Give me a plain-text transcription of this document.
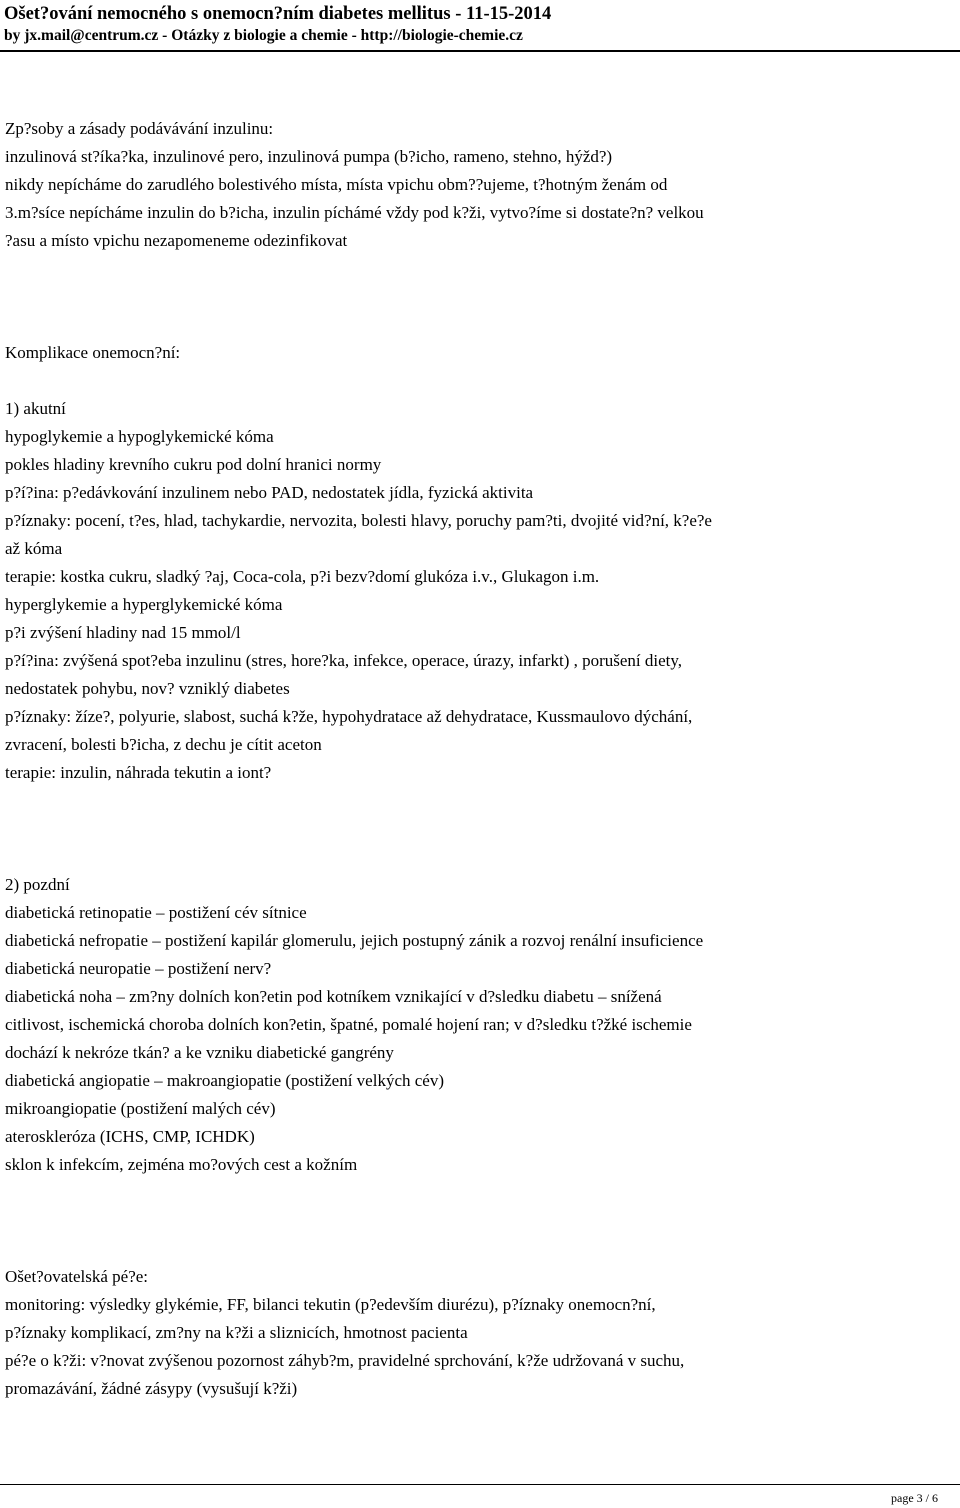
Ošet?ování nemocného s onemocn?ním diabetes mellitus - 11-15-2014
by jx.mail@centrum.cz - Otázky z biologie a chemie - http://biologie-chemie.cz
Zp?soby a zásady podávávání inzulinu:
inzulinová st?íka?ka, inzulinové pero, inzulinová pumpa (b?icho, rameno, stehno, hýžd?)
nikdy nepícháme do zarudlého bolestivého místa, místa vpichu obm??ujeme, t?hotným ženám od
3.m?síce nepícháme inzulin do b?icha, inzulin píchámé vždy pod k?ži, vytvo?íme si dostate?n? velkou
?asu a místo vpichu nezapomeneme odezinfikovat
Komplikace onemocn?ní:
1) akutní
hypoglykemie a hypoglykemické kóma
pokles hladiny krevního cukru pod dolní hranici normy
p?í?ina: p?edávkování inzulinem nebo PAD, nedostatek jídla, fyzická aktivita
p?íznaky: pocení, t?es, hlad, tachykardie, nervozita, bolesti hlavy, poruchy pam?ti, dvojité vid?ní, k?e?e
až kóma
terapie: kostka cukru, sladký ?aj, Coca-cola, p?i bezv?domí glukóza i.v., Glukagon i.m.
hyperglykemie a hyperglykemické kóma
p?i zvýšení hladiny nad 15 mmol/l
p?í?ina: zvýšená spot?eba inzulinu (stres, hore?ka, infekce, operace, úrazy, infarkt) , porušení diety,
nedostatek pohybu, nov? vzniklý diabetes
p?íznaky: žíze?, polyurie, slabost, suchá k?že, hypohydratace až dehydratace, Kussmaulovo dýchání,
zvracení, bolesti b?icha, z dechu je cítit aceton
terapie: inzulin, náhrada tekutin a iont?
2) pozdní
diabetická retinopatie – postižení cév sítnice
diabetická nefropatie – postižení kapilár glomerulu, jejich postupný zánik a rozvoj renální insuficience
diabetická neuropatie – postižení nerv?
diabetická noha – zm?ny dolních kon?etin pod kotníkem vznikající v d?sledku diabetu – snížená
citlivost, ischemická choroba dolních kon?etin, špatné, pomalé hojení ran; v d?sledku t?žké ischemie
dochází k nekróze tkán? a ke vzniku diabetické gangrény
diabetická angiopatie – makroangiopatie (postižení velkých cév)
mikroangiopatie (postižení malých cév)
ateroskleróza (ICHS, CMP, ICHDK)
sklon k infekcím, zejména mo?ových cest a kožním
Ošet?ovatelská pé?e:
monitoring: výsledky glykémie, FF, bilanci tekutin (p?edevším diurézu), p?íznaky onemocn?ní,
p?íznaky komplikací, zm?ny na k?ži a sliznicích, hmotnost pacienta
pé?e o k?ži: v?novat zvýšenou pozornost záhyb?m, pravidelné sprchování, k?že udržovaná v suchu,
promazávání, žádné zásypy (vysušují k?ži)
page 3 / 6
